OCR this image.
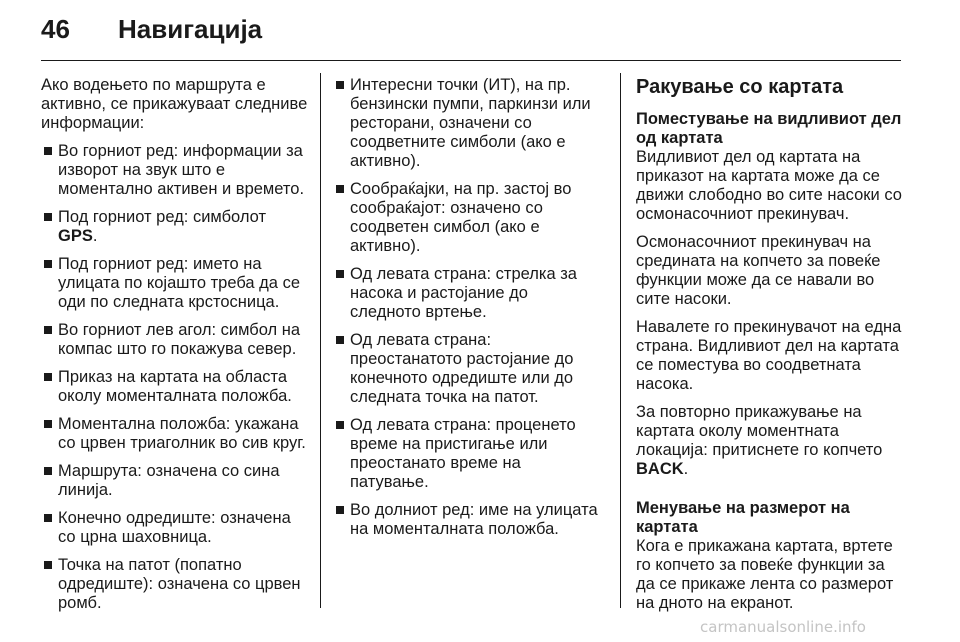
46 Навигација

Ако водењето по маршрута е активно, се прикажуваат следниве информации:

Во горниот ред: информации за изворот на звук што е моментално активен и времето.
Под горниот ред: симболот GPS.
Под горниот ред: името на улицата по којашто треба да се оди по следната крстосница.
Во горниот лев агол: симбол на компас што го покажува север.
Приказ на картата на областа околу моменталната положба.
Моментална положба: укажана со црвен триаголник во сив круг.
Маршрута: означена со сина линија.
Конечно одредиште: означена со црна шаховница.
Точка на патот (попатно одредиште): означена со црвен ромб.
Интересни точки (ИТ), на пр. бензински пумпи, паркинзи или ресторани, означени со соодветните симболи (ако е активно).
Сообраќајки, на пр. застој во сообраќајот: означено со соодветен симбол (ако е активно).
Од левата страна: стрелка за насока и растојание до следното вртење.
Од левата страна: преостанатото растојание до конечното одредиште или до следната точка на патот.
Од левата страна: проценето време на пристигање или преостанато време на патување.
Во долниот ред: име на улицата на моменталната положба.
Ракување со картата

Поместување на видливиот дел од картата

Видливиот дел од картата на приказот на картата може да се движи слободно во сите насоки со осмонасочниот прекинувач.

Осмонасочниот прекинувач на средината на копчето за повеќе функции може да се навали во сите насоки.

Навалете го прекинувачот на една страна. Видливиот дел на картата се поместува во соодветната насока.

За повторно прикажување на картата околу моментната локација: притиснете го копчето BACK.

Менување на размерот на картата

Кога е прикажана картата, вртете го копчето за повеќе функции за да се прикаже лента со размерот на дното на екранот.

carmanualsonline.info
